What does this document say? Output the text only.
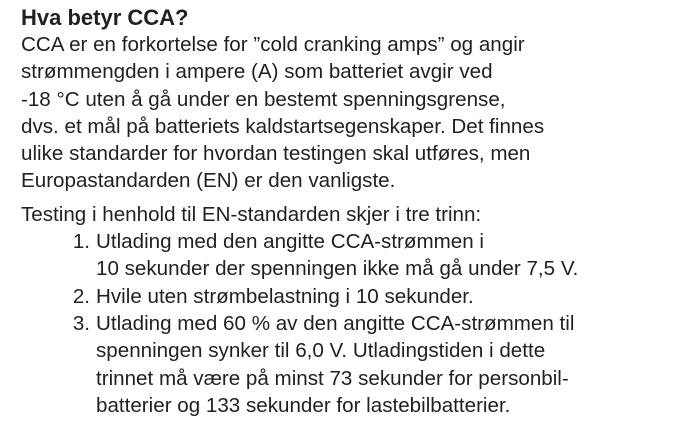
Hva betyr CCA?

CCA er en forkortelse for ”cold cranking amps” og angir
strømmengden i ampere (A) som batteriet avgir ved
-18 °C uten å gå under en bestemt spenningsgrense,
dvs. et mål på batteriets kaldstartsegenskaper. Det finnes
ulike standarder for hvordan testingen skal utføres, men
Europastandarden (EN) er den vanligste.

Testing i henhold til EN-standarden skjer i tre trinn:

1. Utlading med den angitte CCA-strømmen i
10 sekunder der spenningen ikke må gå under 7,5 V.
2. Hvile uten strømbelastning i 10 sekunder.
3. Utlading med 60 % av den angitte CCA-strømmen til
spenningen synker til 6,0 V. Utladingstiden i dette
trinnet må være på minst 73 sekunder for personbil-
batterier og 133 sekunder for lastebilbatterier.
